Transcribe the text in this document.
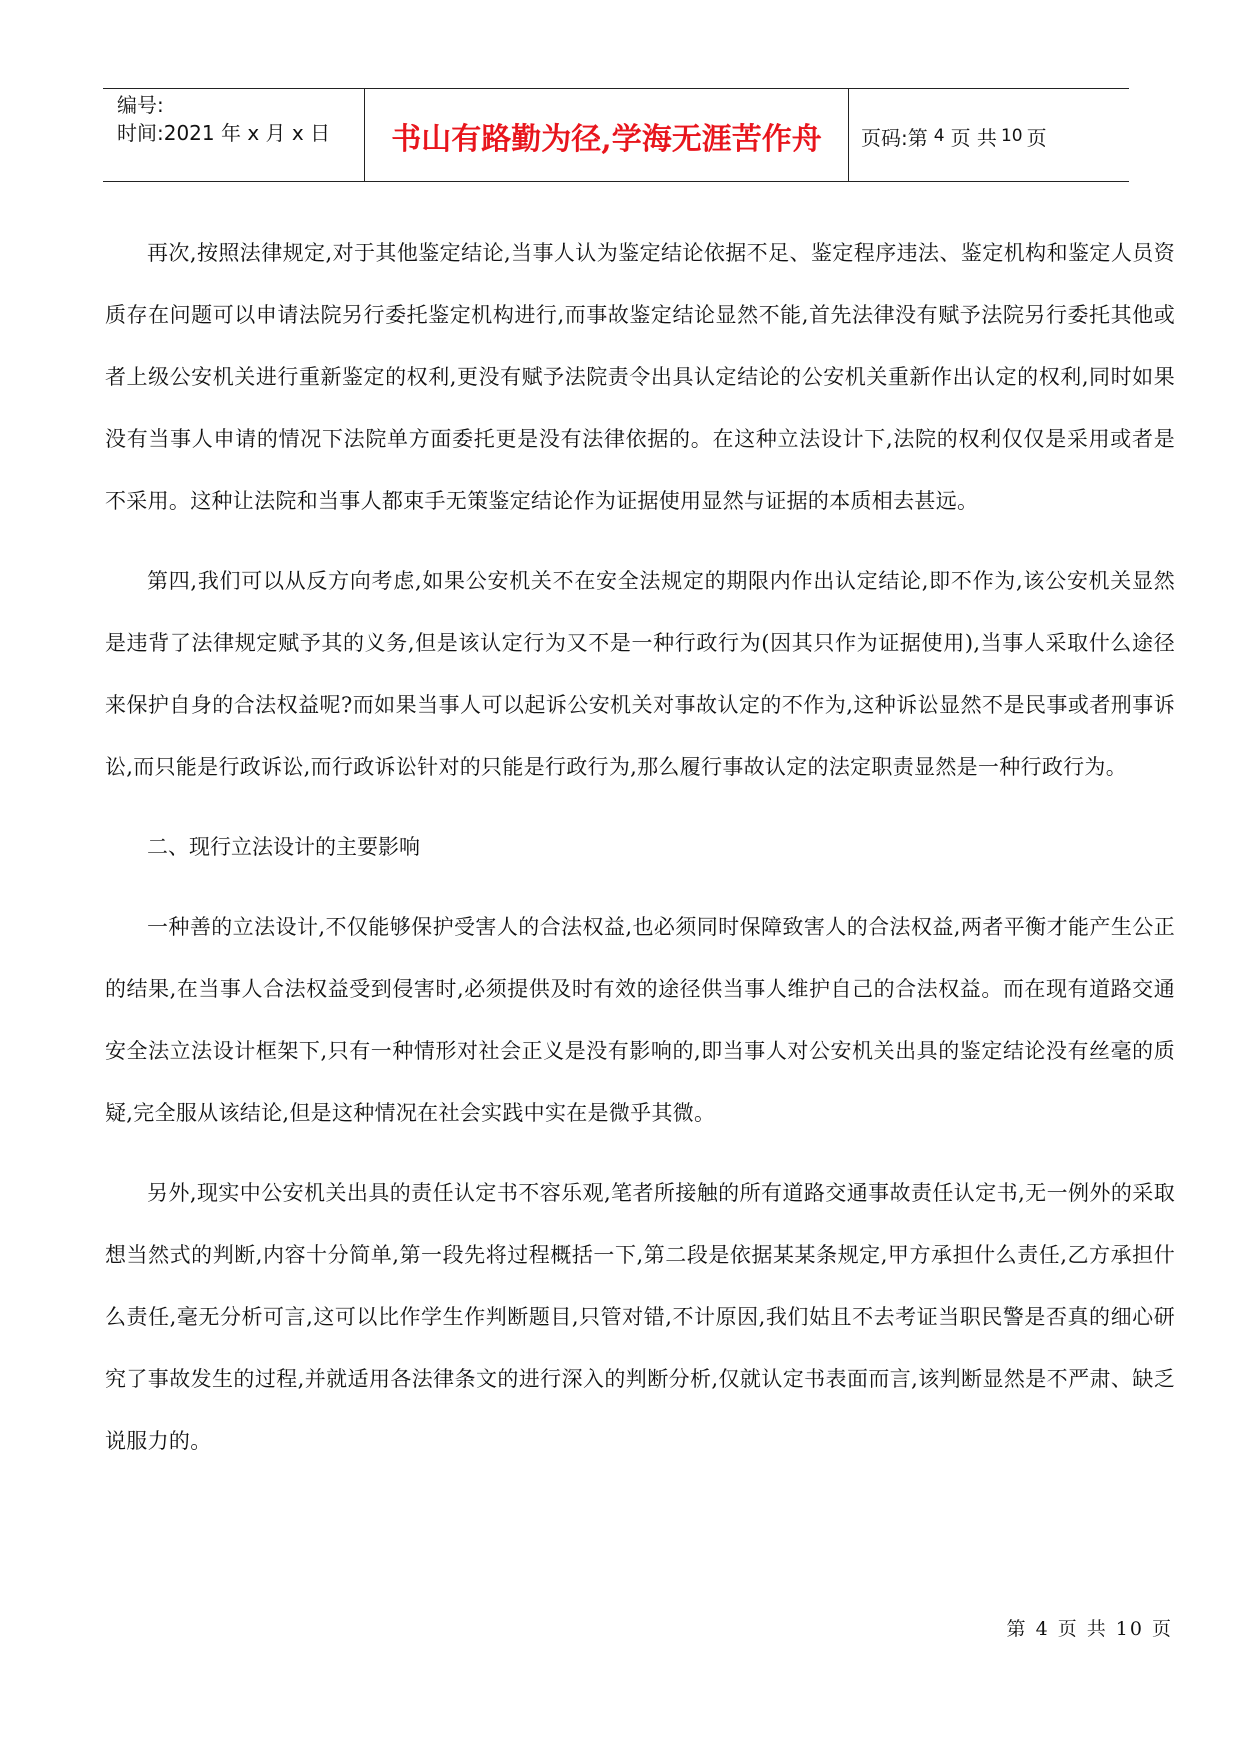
编号:
时间:2021 年 x 月 x 日	书山有路勤为径,学海无涯苦作舟	页码:第 4 页 共 10 页

再次,按照法律规定,对于其他鉴定结论,当事人认为鉴定结论依据不足、鉴定程序违法、鉴定机构和鉴定人员资质存在问题可以申请法院另行委托鉴定机构进行,而事故鉴定结论显然不能,首先法律没有赋予法院另行委托其他或者上级公安机关进行重新鉴定的权利,更没有赋予法院责令出具认定结论的公安机关重新作出认定的权利,同时如果没有当事人申请的情况下法院单方面委托更是没有法律依据的。在这种立法设计下,法院的权利仅仅是采用或者是不采用。这种让法院和当事人都束手无策鉴定结论作为证据使用显然与证据的本质相去甚远。

第四,我们可以从反方向考虑,如果公安机关不在安全法规定的期限内作出认定结论,即不作为,该公安机关显然是违背了法律规定赋予其的义务,但是该认定行为又不是一种行政行为(因其只作为证据使用),当事人采取什么途径来保护自身的合法权益呢?而如果当事人可以起诉公安机关对事故认定的不作为,这种诉讼显然不是民事或者刑事诉讼,而只能是行政诉讼,而行政诉讼针对的只能是行政行为,那么履行事故认定的法定职责显然是一种行政行为。

二、现行立法设计的主要影响

一种善的立法设计,不仅能够保护受害人的合法权益,也必须同时保障致害人的合法权益,两者平衡才能产生公正的结果,在当事人合法权益受到侵害时,必须提供及时有效的途径供当事人维护自己的合法权益。而在现有道路交通安全法立法设计框架下,只有一种情形对社会正义是没有影响的,即当事人对公安机关出具的鉴定结论没有丝毫的质疑,完全服从该结论,但是这种情况在社会实践中实在是微乎其微。

另外,现实中公安机关出具的责任认定书不容乐观,笔者所接触的所有道路交通事故责任认定书,无一例外的采取想当然式的判断,内容十分简单,第一段先将过程概括一下,第二段是依据某某条规定,甲方承担什么责任,乙方承担什么责任,毫无分析可言,这可以比作学生作判断题目,只管对错,不计原因,我们姑且不去考证当职民警是否真的细心研究了事故发生的过程,并就适用各法律条文的进行深入的判断分析,仅就认定书表面而言,该判断显然是不严肃、缺乏说服力的。

第 4 页 共 10 页
